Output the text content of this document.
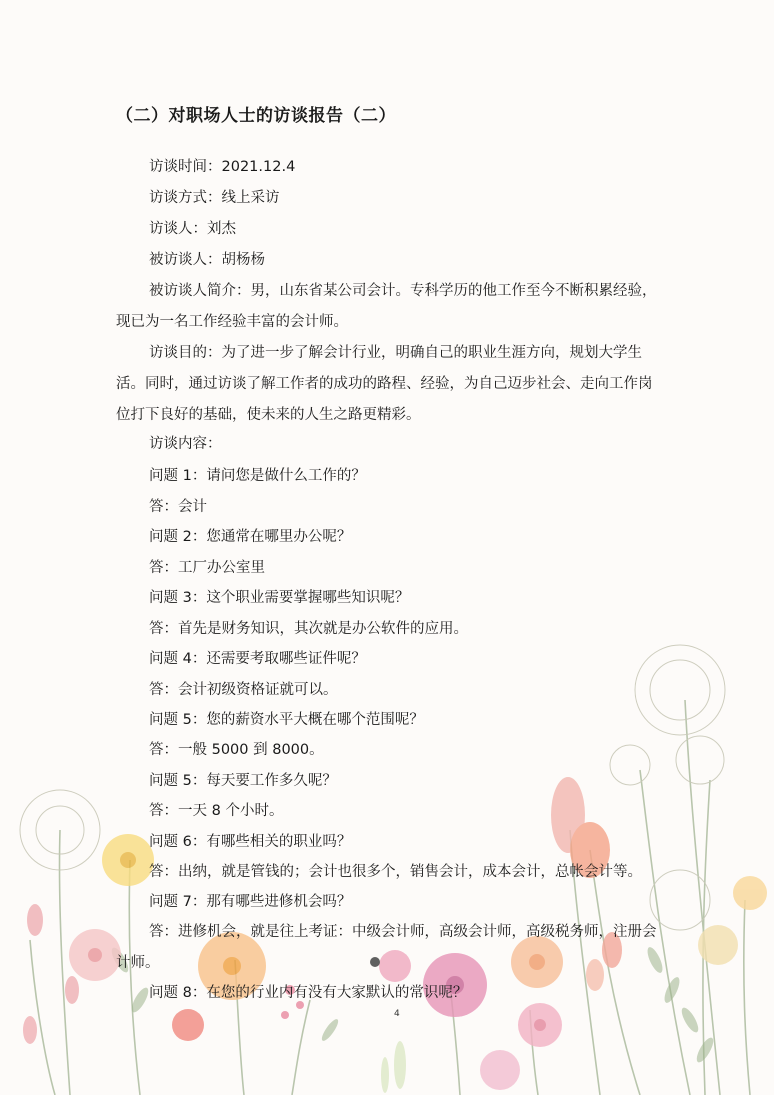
（二）对职场人士的访谈报告（二）
访谈时间：2021.12.4
访谈方式：线上采访
访谈人：刘杰
被访谈人：胡杨杨
被访谈人简介：男，山东省某公司会计。专科学历的他工作至今不断积累经验，现已为一名工作经验丰富的会计师。
访谈目的：为了进一步了解会计行业，明确自己的职业生涯方向，规划大学生活。同时，通过访谈了解工作者的成功的路程、经验，为自己迈步社会、走向工作岗位打下良好的基础，使未来的人生之路更精彩。
访谈内容：
问题 1：请问您是做什么工作的？
答：会计
问题 2：您通常在哪里办公呢？
答：工厂办公室里
问题 3：这个职业需要掌握哪些知识呢？
答：首先是财务知识，其次就是办公软件的应用。
问题 4：还需要考取哪些证件呢？
答：会计初级资格证就可以。
问题 5：您的薪资水平大概在哪个范围呢？
答：一般 5000 到 8000。
问题 5：每天要工作多久呢？
答：一天 8 个小时。
问题 6：有哪些相关的职业吗？
答：出纳，就是管钱的；会计也很多个，销售会计，成本会计，总帐会计等。
问题 7：那有哪些进修机会吗？
答：进修机会，就是往上考证：中级会计师，高级会计师，高级税务师，注册会计师。
问题 8：在您的行业内有没有大家默认的常识呢？
4
